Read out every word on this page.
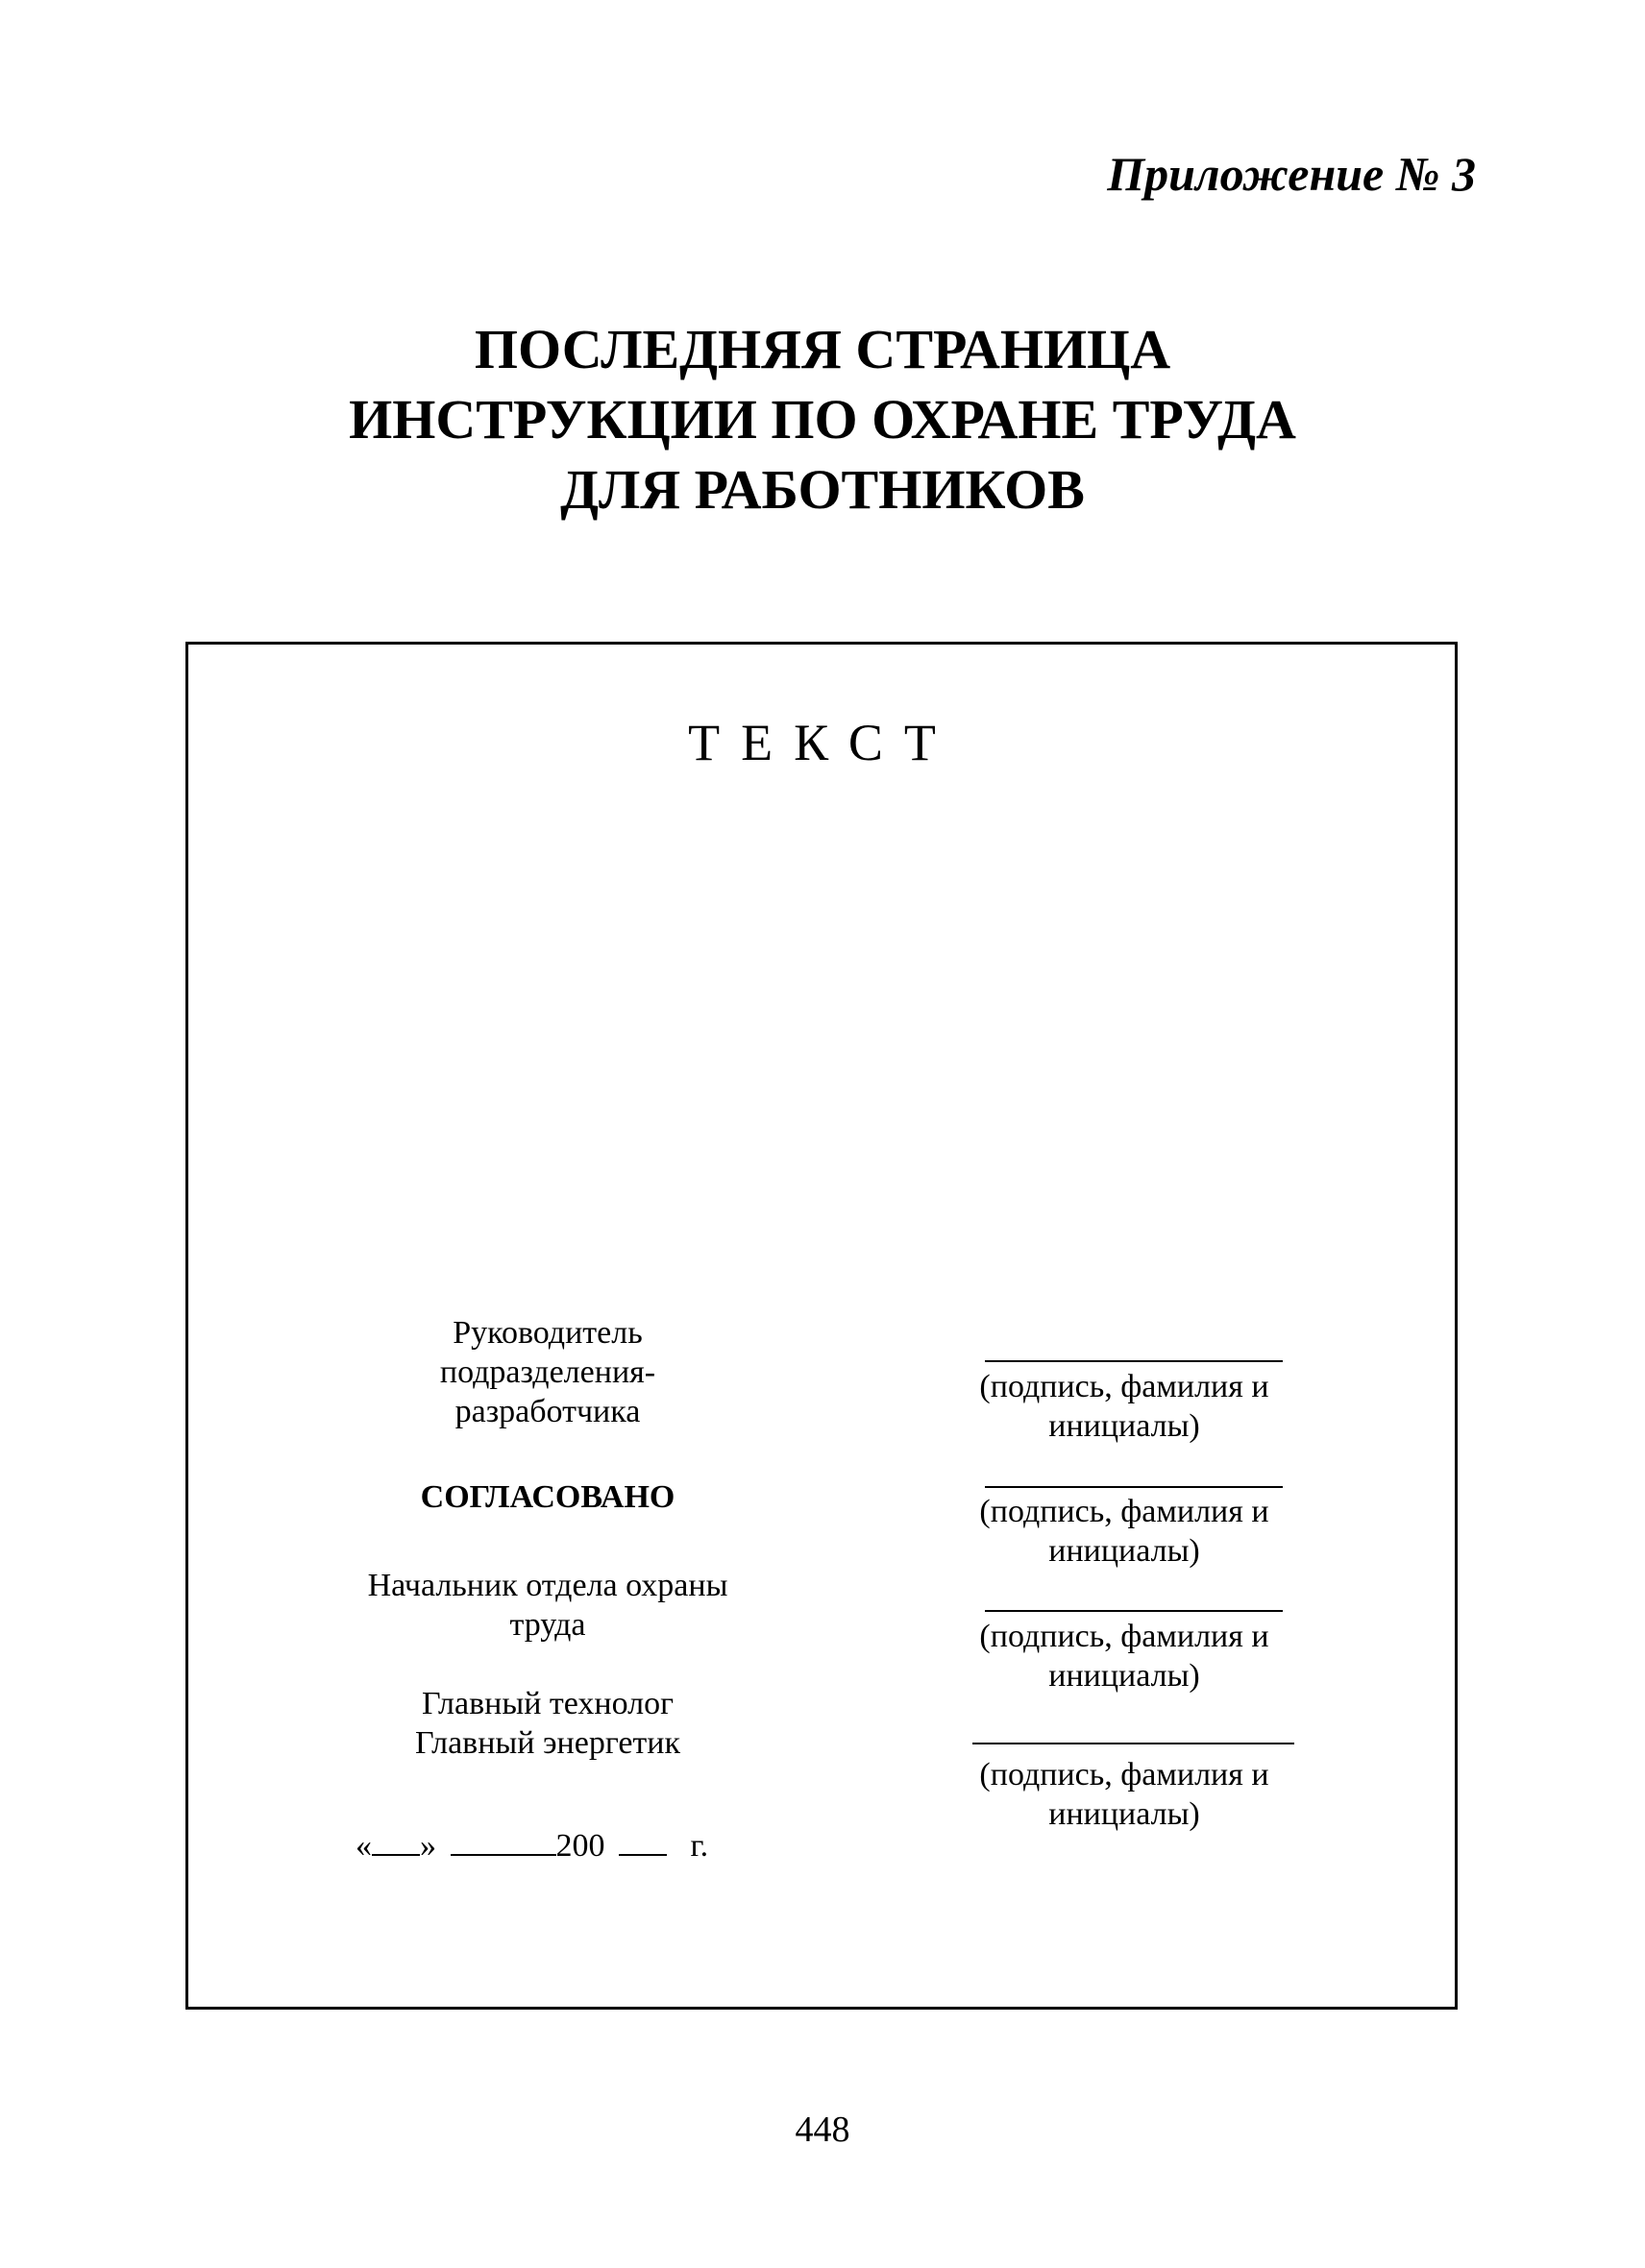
Приложение № 3
ПОСЛЕДНЯЯ СТРАНИЦА
ИНСТРУКЦИИ ПО ОХРАНЕ ТРУДА
ДЛЯ РАБОТНИКОВ
ТЕКСТ
Руководитель
подразделения-
разработчика
СОГЛАСОВАНО
Начальник отдела охраны
труда
Главный технолог
Главный энергетик
« »	200	г.
(подпись, фамилия и
инициалы)
(подпись, фамилия и
инициалы)
(подпись, фамилия и
инициалы)
(подпись, фамилия и
инициалы)
448
